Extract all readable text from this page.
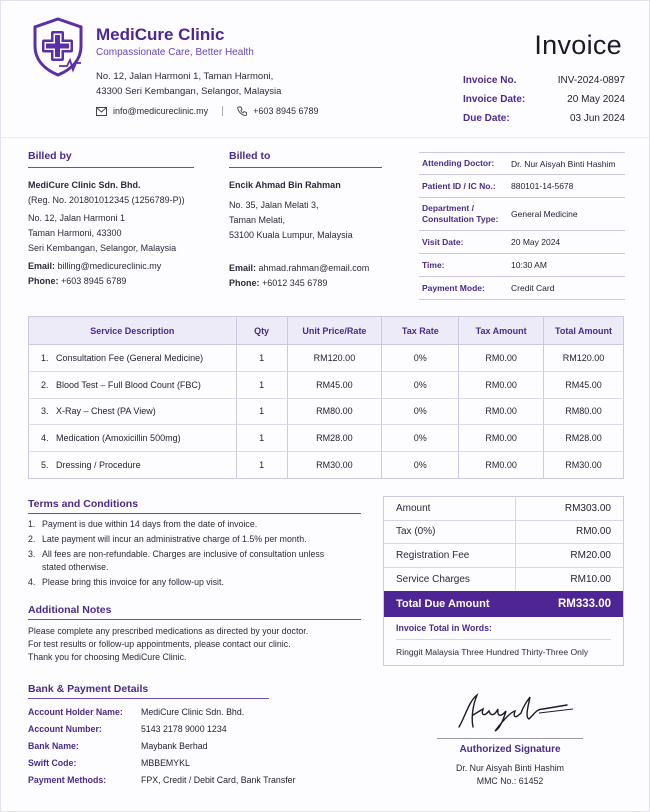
MediCure Clinic
Compassionate Care, Better Health
No. 12, Jalan Harmoni 1, Taman Harmoni,
43300 Seri Kembangan, Selangor, Malaysia
info@medicureclinic.my	+603 8945 6789
Invoice
Invoice No.	INV-2024-0897
Invoice Date:	20 May 2024
Due Date:	03 Jun 2024
Billed by
MediCure Clinic Sdn. Bhd.
(Reg. No. 201801012345 (1256789-P))
No. 12, Jalan Harmoni 1
Taman Harmoni, 43300
Seri Kembangan, Selangor, Malaysia
Email: billing@medicureclinic.my
Phone: +603 8945 6789
Billed to
Encik Ahmad Bin Rahman
No. 35, Jalan Melati 3,
Taman Melati,
53100 Kuala Lumpur, Malaysia
Email: ahmad.rahman@email.com
Phone: +6012 345 6789
Attending Doctor:	Dr. Nur Aisyah Binti Hashim
Patient ID / IC No.:	880101-14-5678
Department / Consultation Type:	General Medicine
Visit Date:	20 May 2024
Time:	10:30 AM
Payment Mode:	Credit Card
Service Description	Qty	Unit Price/Rate	Tax Rate	Tax Amount	Total Amount
1. Consultation Fee (General Medicine)	1	RM120.00	0%	RM0.00	RM120.00
2. Blood Test – Full Blood Count (FBC)	1	RM45.00	0%	RM0.00	RM45.00
3. X-Ray – Chest (PA View)	1	RM80.00	0%	RM0.00	RM80.00
4. Medication (Amoxicillin 500mg)	1	RM28.00	0%	RM0.00	RM28.00
5. Dressing / Procedure	1	RM30.00	0%	RM0.00	RM30.00
Terms and Conditions
1. Payment is due within 14 days from the date of invoice.
2. Late payment will incur an administrative charge of 1.5% per month.
3. All fees are non-refundable. Charges are inclusive of consultation unless stated otherwise.
4. Please bring this invoice for any follow-up visit.
Additional Notes
Please complete any prescribed medications as directed by your doctor.
For test results or follow-up appointments, please contact our clinic.
Thank you for choosing MediCure Clinic.
Amount	RM303.00
Tax (0%)	RM0.00
Registration Fee	RM20.00
Service Charges	RM10.00
Total Due Amount	RM333.00
Invoice Total in Words:
Ringgit Malaysia Three Hundred Thirty-Three Only
Bank & Payment Details
Account Holder Name:	MediCure Clinic Sdn. Bhd.
Account Number:	5143 2178 9000 1234
Bank Name:	Maybank Berhad
Swift Code:	MBBEMYKL
Payment Methods:	FPX, Credit / Debit Card, Bank Transfer
Authorized Signature
Dr. Nur Aisyah Binti Hashim
MMC No.: 61452
